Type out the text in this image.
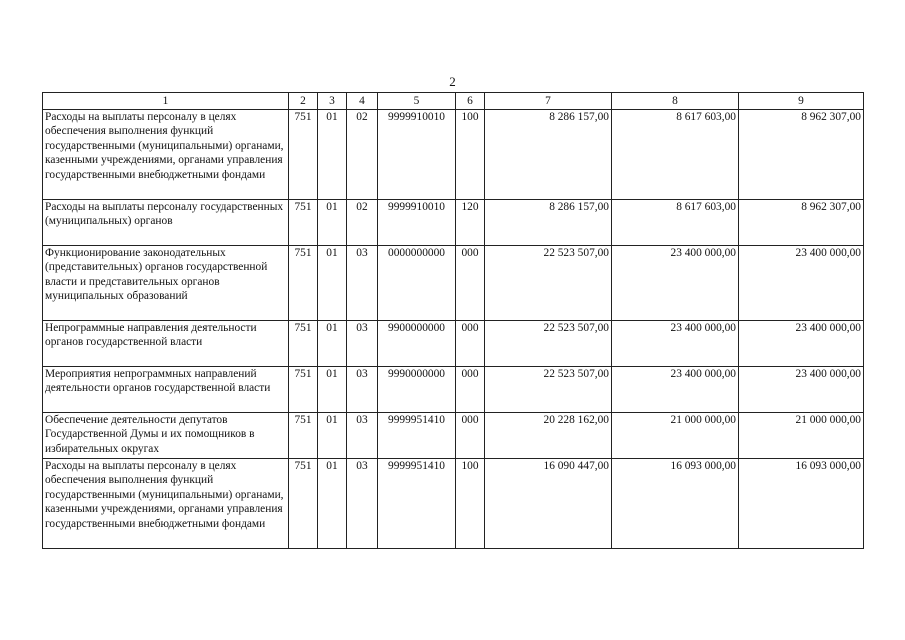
2
1	2	3	4	5	6	7	8	9
Расходы на выплаты персоналу в целях обеспечения выполнения функций государственными (муниципальными) органами, казенными учреждениями, органами управления государственными внебюджетными фондами	751	01	02	9999910010	100	8 286 157,00	8 617 603,00	8 962 307,00
Расходы на выплаты персоналу государственных (муниципальных) органов	751	01	02	9999910010	120	8 286 157,00	8 617 603,00	8 962 307,00
Функционирование законодательных (представительных) органов государственной власти и представительных органов муниципальных образований	751	01	03	0000000000	000	22 523 507,00	23 400 000,00	23 400 000,00
Непрограммные направления деятельности органов государственной власти	751	01	03	9900000000	000	22 523 507,00	23 400 000,00	23 400 000,00
Мероприятия непрограммных направлений деятельности органов государственной власти	751	01	03	9990000000	000	22 523 507,00	23 400 000,00	23 400 000,00
Обеспечение деятельности депутатов Государственной Думы и их помощников в избирательных округах	751	01	03	9999951410	000	20 228 162,00	21 000 000,00	21 000 000,00
Расходы на выплаты персоналу в целях обеспечения выполнения функций государственными (муниципальными) органами, казенными учреждениями, органами управления государственными внебюджетными фондами	751	01	03	9999951410	100	16 090 447,00	16 093 000,00	16 093 000,00
